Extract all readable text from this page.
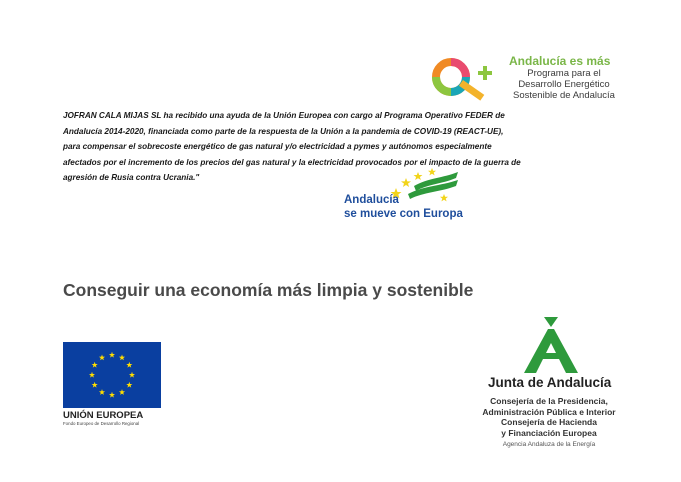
Andalucía es más
Programa para el
Desarrollo Energético
Sostenible de Andalucía
JOFRAN CALA MIJAS SL ha recibido una ayuda de la Unión Europea con cargo al Programa Operativo FEDER de
Andalucía 2014-2020, financiada como parte de la respuesta de la Unión a la pandemia de COVID-19 (REACT-UE),
para compensar el sobrecoste energético de gas natural y/o electricidad a pymes y autónomos especialmente
afectados por el incremento de los precios del gas natural y la electricidad provocados por el impacto de la guerra de
agresión de Rusia contra Ucrania."
Andalucía
se mueve con Europa
Conseguir una economía más limpia y sostenible
UNIÓN EUROPEA
Fondo Europeo de Desarrollo Regional
Junta de Andalucía
Consejería de la Presidencia,
Administración Pública e Interior
Consejería de Hacienda
y Financiación Europea
Agencia Andaluza de la Energía
